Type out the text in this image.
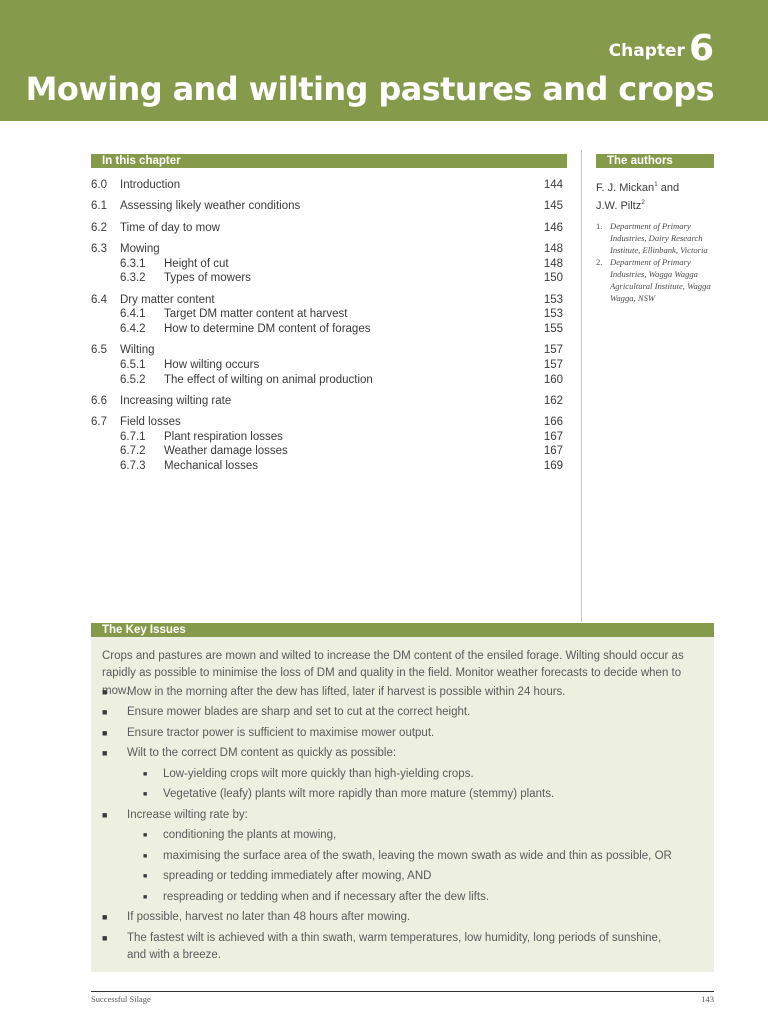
Chapter 6
Mowing and wilting pastures and crops
In this chapter	The authors
6.0 Introduction	144
6.1 Assessing likely weather conditions	145
6.2 Time of day to mow	146
6.3 Mowing	148
6.3.1 Height of cut	148
6.3.2 Types of mowers	150
6.4 Dry matter content	153
6.4.1 Target DM matter content at harvest	153
6.4.2 How to determine DM content of forages	155
6.5 Wilting	157
6.5.1 How wilting occurs	157
6.5.2 The effect of wilting on animal production	160
6.6 Increasing wilting rate	162
6.7 Field losses	166
6.7.1 Plant respiration losses	167
6.7.2 Weather damage losses	167
6.7.3 Mechanical losses	169
F. J. Mickan$^1$ and
J.W. Piltz$^2$
1. Department of Primary Industries, Dairy Research Institute, Ellinbank, Victoria
2. Department of Primary Industries, Wagga Wagga Agricultural Institute, Wagga Wagga, NSW
The Key Issues

Crops and pastures are mown and wilted to increase the DM content of the ensiled forage. Wilting should occur as rapidly as possible to minimise the loss of DM and quality in the field. Monitor weather forecasts to decide when to mow.

■ Mow in the morning after the dew has lifted, later if harvest is possible within 24 hours.
■ Ensure mower blades are sharp and set to cut at the correct height.
■ Ensure tractor power is sufficient to maximise mower output.
■ Wilt to the correct DM content as quickly as possible:
■ Low-yielding crops wilt more quickly than high-yielding crops.
■ Vegetative (leafy) plants wilt more rapidly than more mature (stemmy) plants.
■ Increase wilting rate by:
■ conditioning the plants at mowing,
■ maximising the surface area of the swath, leaving the mown swath as wide and thin as possible, OR
■ spreading or tedding immediately after mowing, AND
■ respreading or tedding when and if necessary after the dew lifts.
■ If possible, harvest no later than 48 hours after mowing.
■ The fastest wilt is achieved with a thin swath, warm temperatures, low humidity, long periods of sunshine, and with a breeze.
Successful Silage	143
